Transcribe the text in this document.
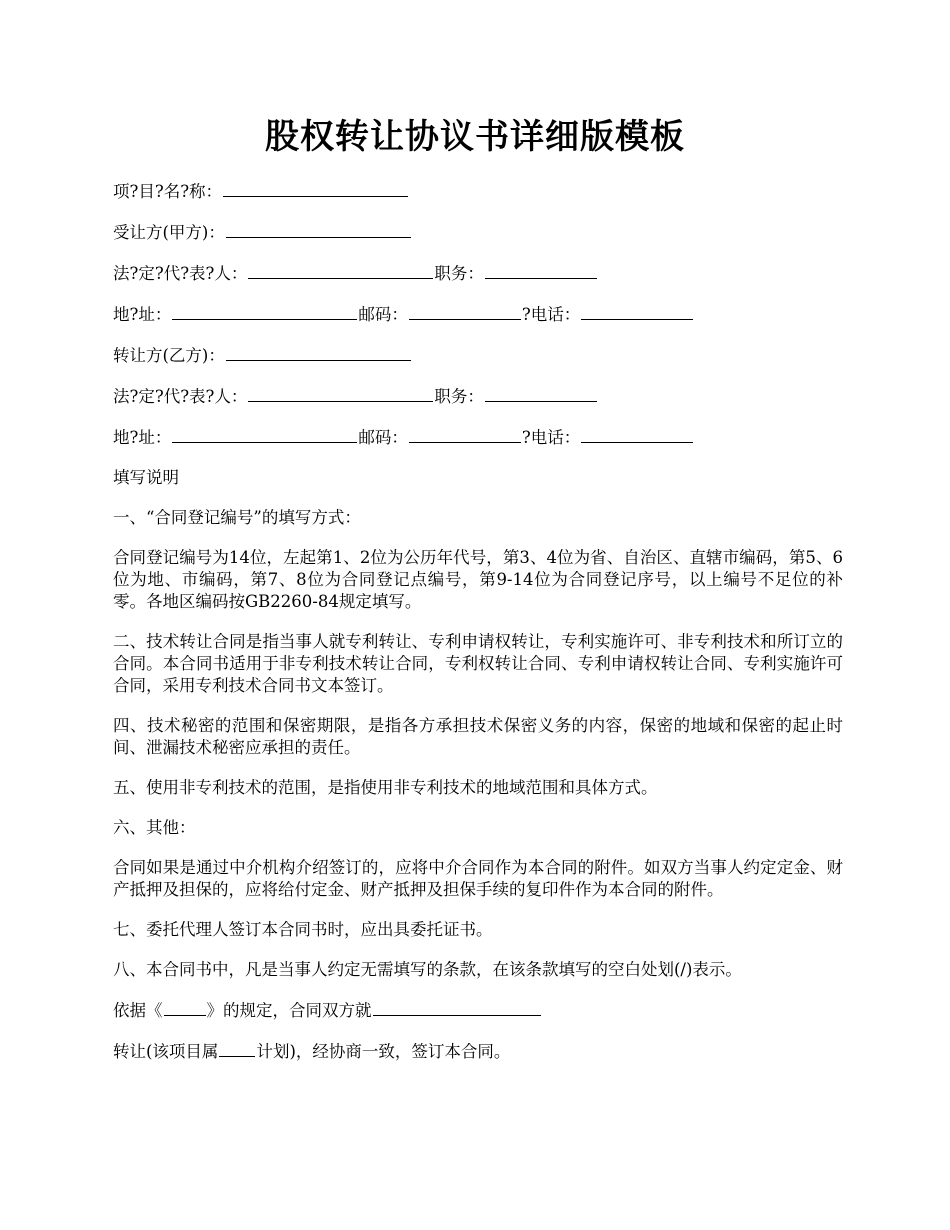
股权转让协议书详细版模板

项?目?名?称：

受让方(甲方)：

法?定?代?表?人：	职务：

地?址：	邮码：	?电话：

转让方(乙方)：

法?定?代?表?人：	职务：

地?址：	邮码：	?电话：

填写说明

一、“合同登记编号”的填写方式：

合同登记编号为14位，左起第1、2位为公历年代号，第3、4位为省、自治区、直辖市编码，第5、6位为地、市编码，第7、8位为合同登记点编号，第9-14位为合同登记序号，以上编号不足位的补零。各地区编码按GB2260-84规定填写。

二、技术转让合同是指当事人就专利转让、专利申请权转让，专利实施许可、非专利技术和所订立的合同。本合同书适用于非专利技术转让合同，专利权转让合同、专利申请权转让合同、专利实施许可合同，采用专利技术合同书文本签订。

四、技术秘密的范围和保密期限，是指各方承担技术保密义务的内容，保密的地域和保密的起止时间、泄漏技术秘密应承担的责任。

五、使用非专利技术的范围，是指使用非专利技术的地域范围和具体方式。

六、其他：

合同如果是通过中介机构介绍签订的，应将中介合同作为本合同的附件。如双方当事人约定定金、财产抵押及担保的，应将给付定金、财产抵押及担保手续的复印件作为本合同的附件。

七、委托代理人签订本合同书时，应出具委托证书。

八、本合同书中，凡是当事人约定无需填写的条款，在该条款填写的空白处划(/)表示。

依据《	》的规定，合同双方就

转让(该项目属 计划)，经协商一致，签订本合同。
